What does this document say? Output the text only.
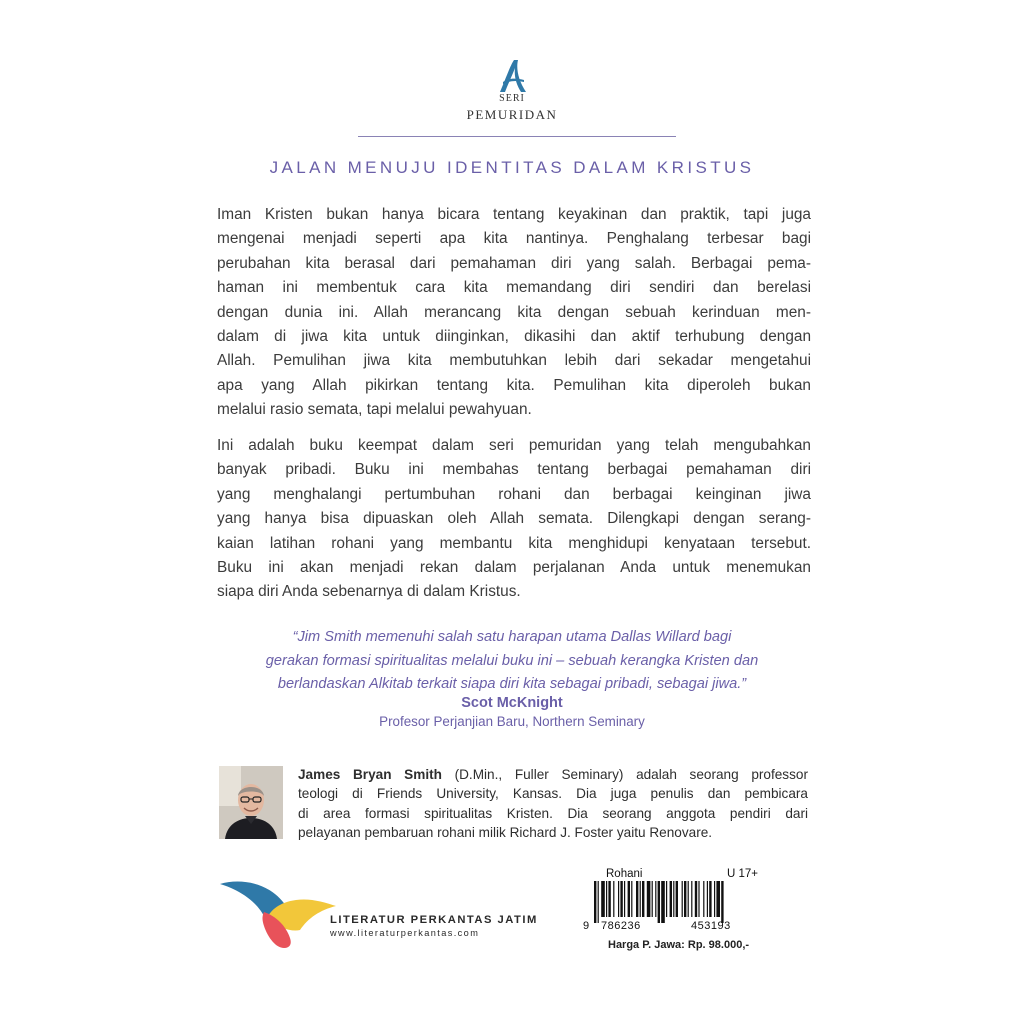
SERI
PEMURIDAN
JALAN MENUJU IDENTITAS DALAM KRISTUS
Iman Kristen bukan hanya bicara tentang keyakinan dan praktik, tapi juga
mengenai menjadi seperti apa kita nantinya. Penghalang terbesar bagi
perubahan kita berasal dari pemahaman diri yang salah. Berbagai pema-
haman ini membentuk cara kita memandang diri sendiri dan berelasi
dengan dunia ini. Allah merancang kita dengan sebuah kerinduan men-
dalam di jiwa kita untuk diinginkan, dikasihi dan aktif terhubung dengan
Allah. Pemulihan jiwa kita membutuhkan lebih dari sekadar mengetahui
apa yang Allah pikirkan tentang kita. Pemulihan kita diperoleh bukan
melalui rasio semata, tapi melalui pewahyuan.
Ini adalah buku keempat dalam seri pemuridan yang telah mengubahkan
banyak pribadi. Buku ini membahas tentang berbagai pemahaman diri
yang menghalangi pertumbuhan rohani dan berbagai keinginan jiwa
yang hanya bisa dipuaskan oleh Allah semata. Dilengkapi dengan serang-
kaian latihan rohani yang membantu kita menghidupi kenyataan tersebut.
Buku ini akan menjadi rekan dalam perjalanan Anda untuk menemukan
siapa diri Anda sebenarnya di dalam Kristus.
“Jim Smith memenuhi salah satu harapan utama Dallas Willard bagi
gerakan formasi spiritualitas melalui buku ini – sebuah kerangka Kristen dan
berlandaskan Alkitab terkait siapa diri kita sebagai pribadi, sebagai jiwa.”
Scot McKnight
Profesor Perjanjian Baru, Northern Seminary
James Bryan Smith (D.Min., Fuller Seminary) adalah seorang professor
teologi di Friends University, Kansas. Dia juga penulis dan pembicara
di area formasi spiritualitas Kristen. Dia seorang anggota pendiri dari
pelayanan pembaruan rohani milik Richard J. Foster yaitu Renovare.
LITERATUR PERKANTAS JATIM
www.literaturperkantas.com
Rohani	U 17+
9 786236	453193
Harga P. Jawa: Rp. 98.000,-
